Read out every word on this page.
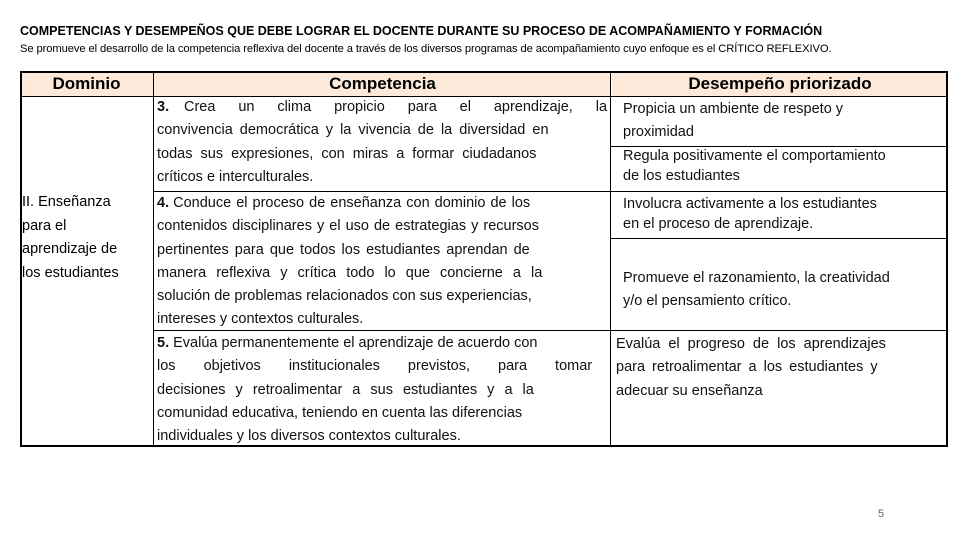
COMPETENCIAS Y DESEMPEÑOS QUE DEBE LOGRAR EL DOCENTE DURANTE SU PROCESO DE ACOMPAÑAMIENTO Y FORMACIÓN
Se promueve el desarrollo de la competencia reflexiva del docente a través de los diversos programas de acompañamiento cuyo enfoque es el CRÍTICO REFLEXIVO.
Dominio	Competencia	Desempeño priorizado
II. Enseñanza
para el
aprendizaje de
los estudiantes
3. Crea un clima propicio para el aprendizaje, la
convivencia democrática y la vivencia de la diversidad en
todas sus expresiones, con miras a formar ciudadanos
críticos e interculturales.
4. Conduce el proceso de enseñanza con dominio de los
contenidos disciplinares y el uso de estrategias y recursos
pertinentes para que todos los estudiantes aprendan de
manera reflexiva y crítica todo lo que concierne a la
solución de problemas relacionados con sus experiencias,
intereses y contextos culturales.
5. Evalúa permanentemente el aprendizaje de acuerdo con
los objetivos institucionales previstos, para tomar
decisiones y retroalimentar a sus estudiantes y a la
comunidad educativa, teniendo en cuenta las diferencias
individuales y los diversos contextos culturales.
Propicia un ambiente de respeto y
proximidad
Regula positivamente el comportamiento
de los estudiantes
Involucra activamente a los estudiantes
en el proceso de aprendizaje.
Promueve el razonamiento, la creatividad
y/o el pensamiento crítico.
Evalúa el progreso de los aprendizajes
para retroalimentar a los estudiantes y
adecuar su enseñanza
5
